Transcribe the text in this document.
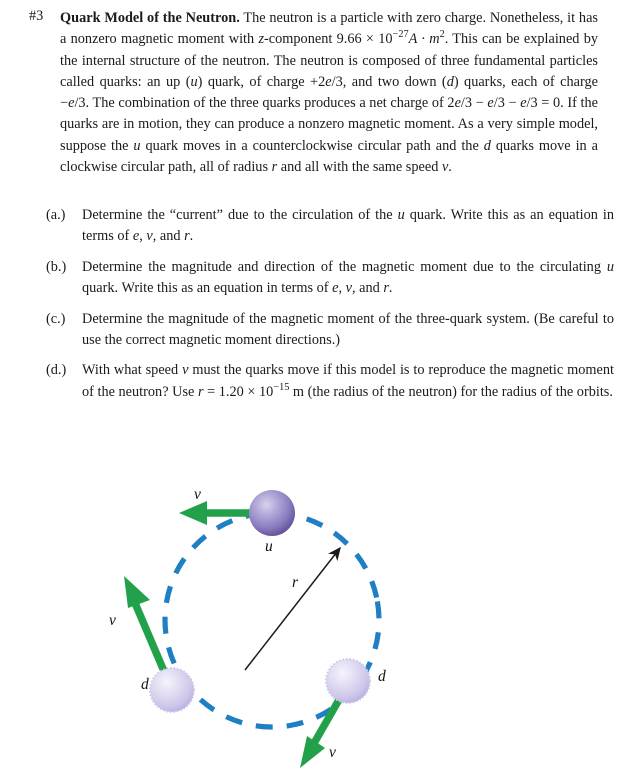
#3 Quark Model of the Neutron. The neutron is a particle with zero charge. Nonetheless, it has a nonzero magnetic moment with z-component $9.66 \times 10^{-27}A \cdot m^2$. This can be explained by the internal structure of the neutron. The neutron is composed of three fundamental particles called quarks: an up (u) quark, of charge +2e/3, and two down (d) quarks, each of charge −e/3. The combination of the three quarks produces a net charge of 2e/3 − e/3 − e/3 = 0. If the quarks are in motion, they can produce a nonzero magnetic moment. As a very simple model, suppose the u quark moves in a counterclockwise circular path and the d quarks move in a clockwise circular path, all of radius r and all with the same speed v.
(a.)	Determine the “current” due to the circulation of the u quark. Write this as an equation in terms of e, v, and r.
(b.)	Determine the magnitude and direction of the magnetic moment due to the circulating u quark. Write this as an equation in terms of e, v, and r.
(c.)	Determine the magnitude of the magnetic moment of the three-quark system. (Be careful to use the correct magnetic moment directions.)
(d.)	With what speed v must the quarks move if this model is to reproduce the magnetic moment of the neutron? Use $r = 1.20 \times 10^{-15}$ m (the radius of the neutron) for the radius of the orbits.
u
d	d
r
v
v
v
